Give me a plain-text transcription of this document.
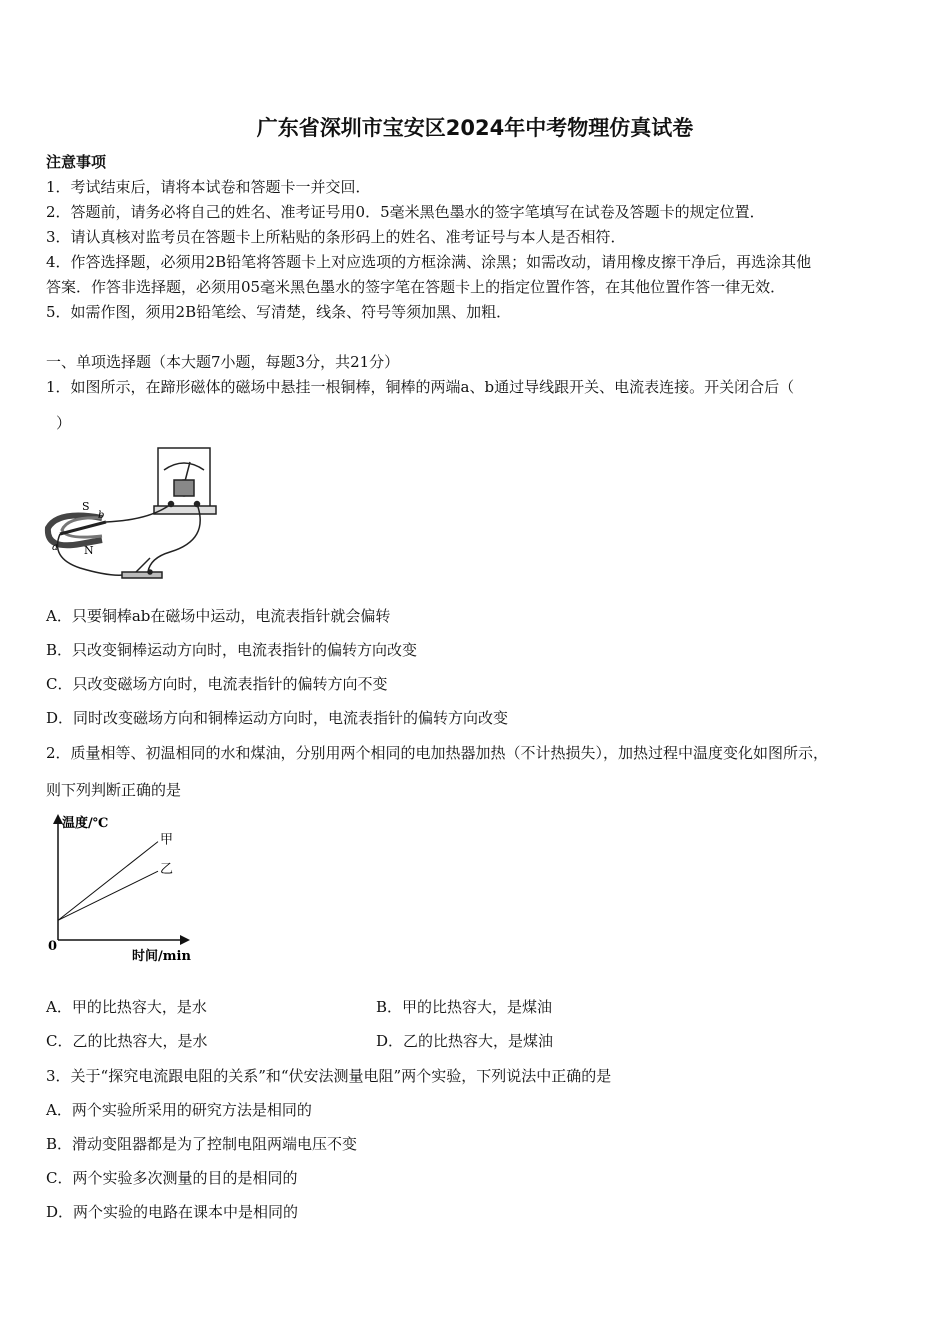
广东省深圳市宝安区2024年中考物理仿真试卷
注意事项
1．考试结束后，请将本试卷和答题卡一并交回．
2．答题前，请务必将自己的姓名、准考证号用0．5毫米黑色墨水的签字笔填写在试卷及答题卡的规定位置．
3．请认真核对监考员在答题卡上所粘贴的条形码上的姓名、准考证号与本人是否相符．
4．作答选择题，必须用2B铅笔将答题卡上对应选项的方框涂满、涂黑；如需改动，请用橡皮擦干净后，再选涂其他
答案．作答非选择题，必须用05毫米黑色墨水的签字笔在答题卡上的指定位置作答，在其他位置作答一律无效．
5．如需作图，须用2B铅笔绘、写清楚，线条、符号等须加黑、加粗．
一、单项选择题（本大题7小题，每题3分，共21分）
1．如图所示，在蹄形磁体的磁场中悬挂一根铜棒，铜棒的两端a、b通过导线跟开关、电流表连接。开关闭合后（
）
S
N
a
b
A．只要铜棒ab在磁场中运动，电流表指针就会偏转
B．只改变铜棒运动方向时，电流表指针的偏转方向改变
C．只改变磁场方向时，电流表指针的偏转方向不变
D．同时改变磁场方向和铜棒运动方向时，电流表指针的偏转方向改变
2．质量相等、初温相同的水和煤油，分别用两个相同的电加热器加热（不计热损失），加热过程中温度变化如图所示，
则下列判断正确的是
温度/℃
时间/min
0
甲
乙
A．甲的比热容大，是水	B．甲的比热容大，是煤油
C．乙的比热容大，是水	D．乙的比热容大，是煤油
3．关于“探究电流跟电阻的关系”和“伏安法测量电阻”两个实验，下列说法中正确的是
A．两个实验所采用的研究方法是相同的
B．滑动变阻器都是为了控制电阻两端电压不变
C．两个实验多次测量的目的是相同的
D．两个实验的电路在课本中是相同的
